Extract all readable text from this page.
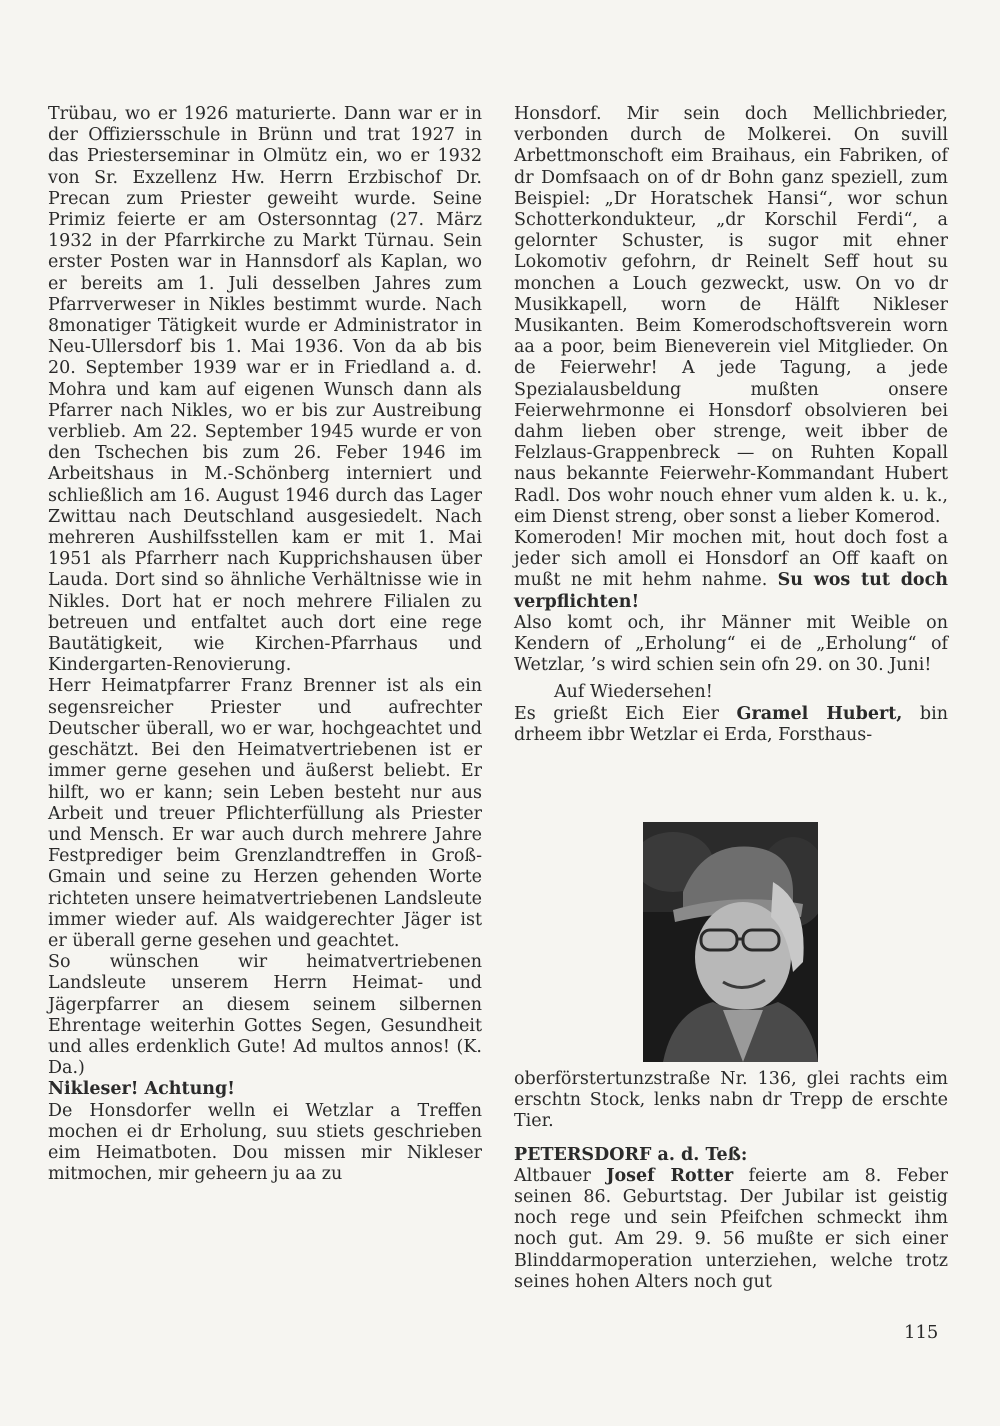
Trübau, wo er 1926 maturierte. Dann war er in der Offiziersschule in Brünn und trat 1927 in das Priesterseminar in Olmütz ein, wo er 1932 von Sr. Exzellenz Hw. Herrn Erzbischof Dr. Precan zum Priester geweiht wurde. Seine Primiz feierte er am Ostersonntag (27. März 1932 in der Pfarrkirche zu Markt Türnau. Sein erster Posten war in Hannsdorf als Kaplan, wo er bereits am 1. Juli desselben Jahres zum Pfarrverweser in Nikles bestimmt wurde. Nach 8monatiger Tätigkeit wurde er Administrator in Neu-Ullersdorf bis 1. Mai 1936. Von da ab bis 20. September 1939 war er in Friedland a. d. Mohra und kam auf eigenen Wunsch dann als Pfarrer nach Nikles, wo er bis zur Austreibung verblieb. Am 22. September 1945 wurde er von den Tschechen bis zum 26. Feber 1946 im Arbeitshaus in M.-Schönberg interniert und schließlich am 16. August 1946 durch das Lager Zwittau nach Deutschland ausgesiedelt. Nach mehreren Aushilfsstellen kam er mit 1. Mai 1951 als Pfarrherr nach Kupprichshausen über Lauda. Dort sind so ähnliche Verhältnisse wie in Nikles. Dort hat er noch mehrere Filialen zu betreuen und entfaltet auch dort eine rege Bautätigkeit, wie Kirchen-Pfarrhaus und Kindergarten-Renovierung.

Herr Heimatpfarrer Franz Brenner ist als ein segensreicher Priester und aufrechter Deutscher überall, wo er war, hochgeachtet und geschätzt. Bei den Heimatvertriebenen ist er immer gerne gesehen und äußerst beliebt. Er hilft, wo er kann; sein Leben besteht nur aus Arbeit und treuer Pflichterfüllung als Priester und Mensch. Er war auch durch mehrere Jahre Festprediger beim Grenzlandtreffen in Groß-Gmain und seine zu Herzen gehenden Worte richteten unsere heimatvertriebenen Landsleute immer wieder auf. Als waidgerechter Jäger ist er überall gerne gesehen und geachtet.

So wünschen wir heimatvertriebenen Landsleute unserem Herrn Heimat- und Jägerpfarrer an diesem seinem silbernen Ehrentage weiterhin Gottes Segen, Gesundheit und alles erdenklich Gute! Ad multos annos! (K. Da.)

Nikleser! Achtung!

De Honsdorfer welln ei Wetzlar a Treffen mochen ei dr Erholung, suu stiets geschrieben eim Heimatboten. Dou missen mir Nikleser mitmochen, mir geheern ju aa zu

Honsdorf. Mir sein doch Mellichbrieder, verbonden durch de Molkerei. On suvill Arbettmonschoft eim Braihaus, ein Fabriken, of dr Domfsaach on of dr Bohn ganz speziell, zum Beispiel: „Dr Horatschek Hansi“, wor schun Schotterkondukteur, „dr Korschil Ferdi“, a gelornter Schuster, is sugor mit ehner Lokomotiv gefohrn, dr Reinelt Seff hout su monchen a Louch gezweckt, usw. On vo dr Musikkapell, worn de Hälft Nikleser Musikanten. Beim Komerodschoftsverein worn aa a poor, beim Bieneverein viel Mitglieder. On de Feierwehr! A jede Tagung, a jede Spezialausbeldung mußten onsere Feierwehrmonne ei Honsdorf obsolvieren bei dahm lieben ober strenge, weit ibber de Felzlaus-Grappenbreck — on Ruhten Kopall naus bekannte Feierwehr-Kommandant Hubert Radl. Dos wohr nouch ehner vum alden k. u. k., eim Dienst streng, ober sonst a lieber Komerod.

Komeroden! Mir mochen mit, hout doch fost a jeder sich amoll ei Honsdorf an Off kaaft on mußt ne mit hehm nahme. Su wos tut doch verpflichten!

Also komt och, ihr Männer mit Weible on Kendern of „Erholung“ ei de „Erholung“ of Wetzlar, ’s wird schien sein ofn 29. on 30. Juni!

Auf Wiedersehen!

Es grießt Eich Eier Gramel Hubert, bin drheem ibbr Wetzlar ei Erda, Forsthaus-

oberförstertunzstraße Nr. 136, glei rachts eim erschtn Stock, lenks nabn dr Trepp de erschte Tier.

PETERSDORF a. d. Teß:

Altbauer Josef Rotter feierte am 8. Feber seinen 86. Geburtstag. Der Jubilar ist geistig noch rege und sein Pfeifchen schmeckt ihm noch gut. Am 29. 9. 56 mußte er sich einer Blinddarmoperation unterziehen, welche trotz seines hohen Alters noch gut

115
